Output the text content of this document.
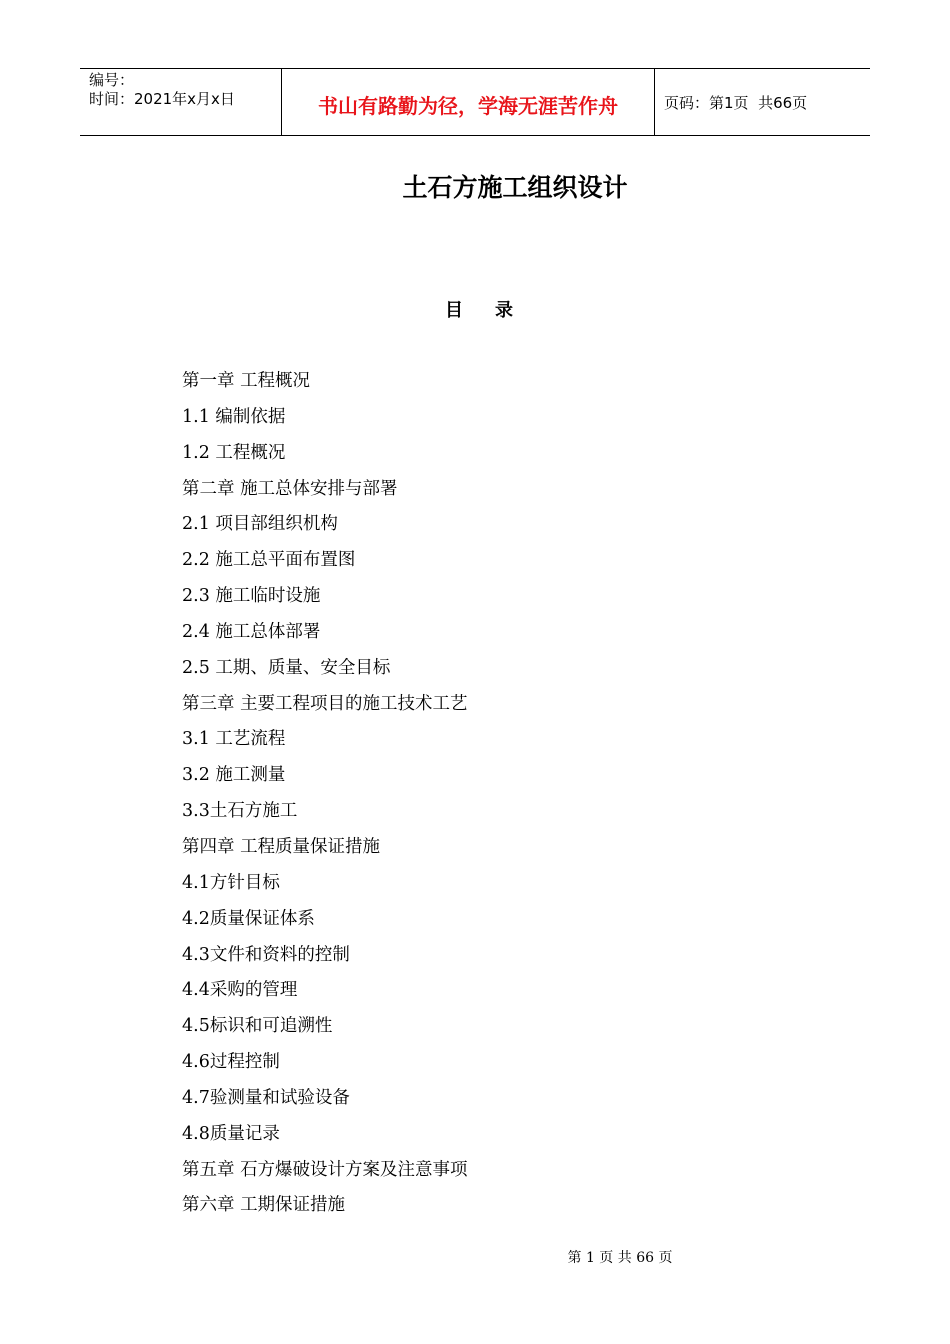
编号：
时间：2021年x月x日	书山有路勤为径，学海无涯苦作舟	页码：第1页  共66页
土石方施工组织设计
目录
第一章 工程概况
1.1 编制依据
1.2 工程概况
第二章 施工总体安排与部署
2.1 项目部组织机构
2.2 施工总平面布置图
2.3 施工临时设施
2.4 施工总体部署
2.5 工期、质量、安全目标
第三章 主要工程项目的施工技术工艺
3.1 工艺流程
3.2 施工测量
3.3土石方施工
第四章 工程质量保证措施
4.1方针目标
4.2质量保证体系
4.3文件和资料的控制
4.4采购的管理
4.5标识和可追溯性
4.6过程控制
4.7验测量和试验设备
4.8质量记录
第五章 石方爆破设计方案及注意事项
第六章 工期保证措施
第 1 页 共 66 页
